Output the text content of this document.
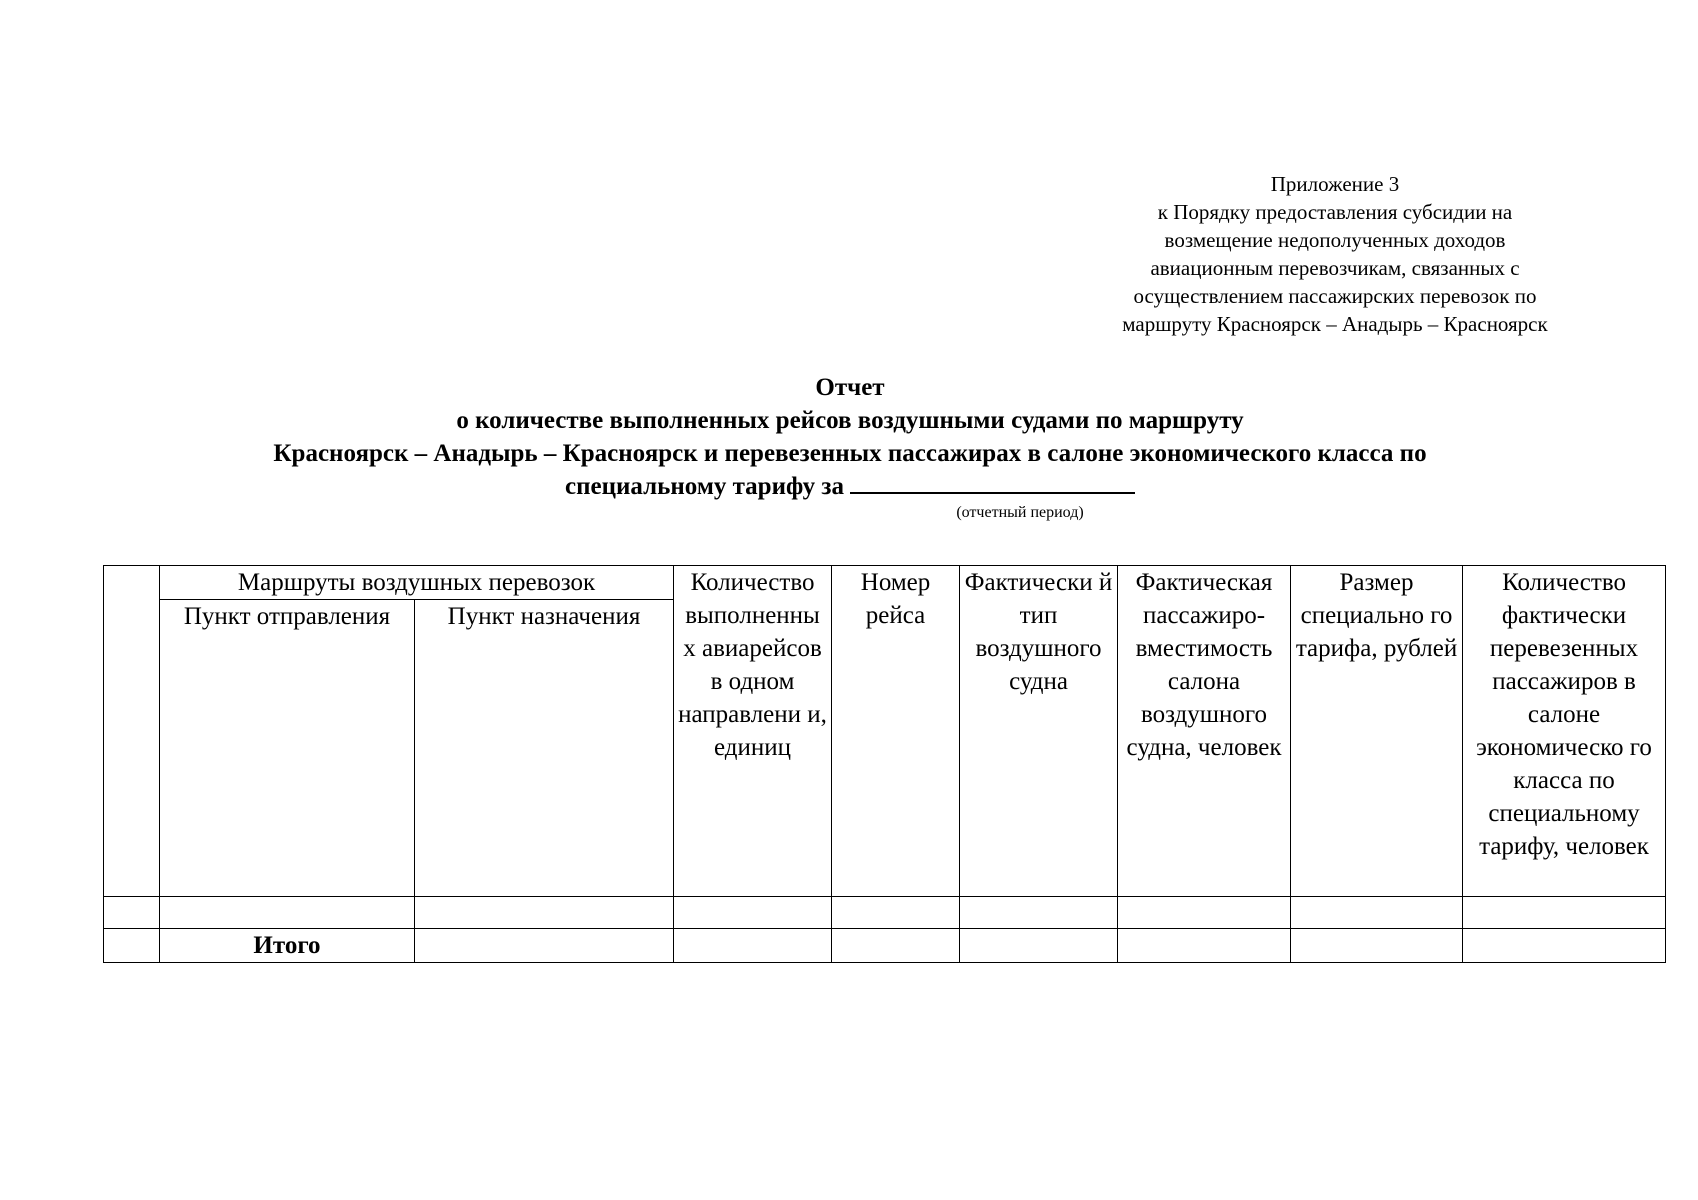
Приложение 3
к Порядку предоставления субсидии на
возмещение недополученных доходов
авиационным перевозчикам, связанных с
осуществлением пассажирских перевозок по
маршруту Красноярск – Анадырь – Красноярск
Отчет
о количестве выполненных рейсов воздушными судами по маршруту
Красноярск – Анадырь – Красноярск и перевезенных пассажирах в салоне экономического класса по
специальному тарифу за
(отчетный период)
	Маршруты воздушных перевозок		Количество выполненны х авиарейсов в одном направлени и, единиц	Номер рейса	Фактически й тип воздушного судна	Фактическая пассажиро- вместимость салона воздушного судна, человек	Размер специально го тарифа, рублей	Количество фактически перевезенных пассажиров в салоне экономическо го класса по специальному тарифу, человек
	Пункт отправления	Пункт назначения						

	Итого							
